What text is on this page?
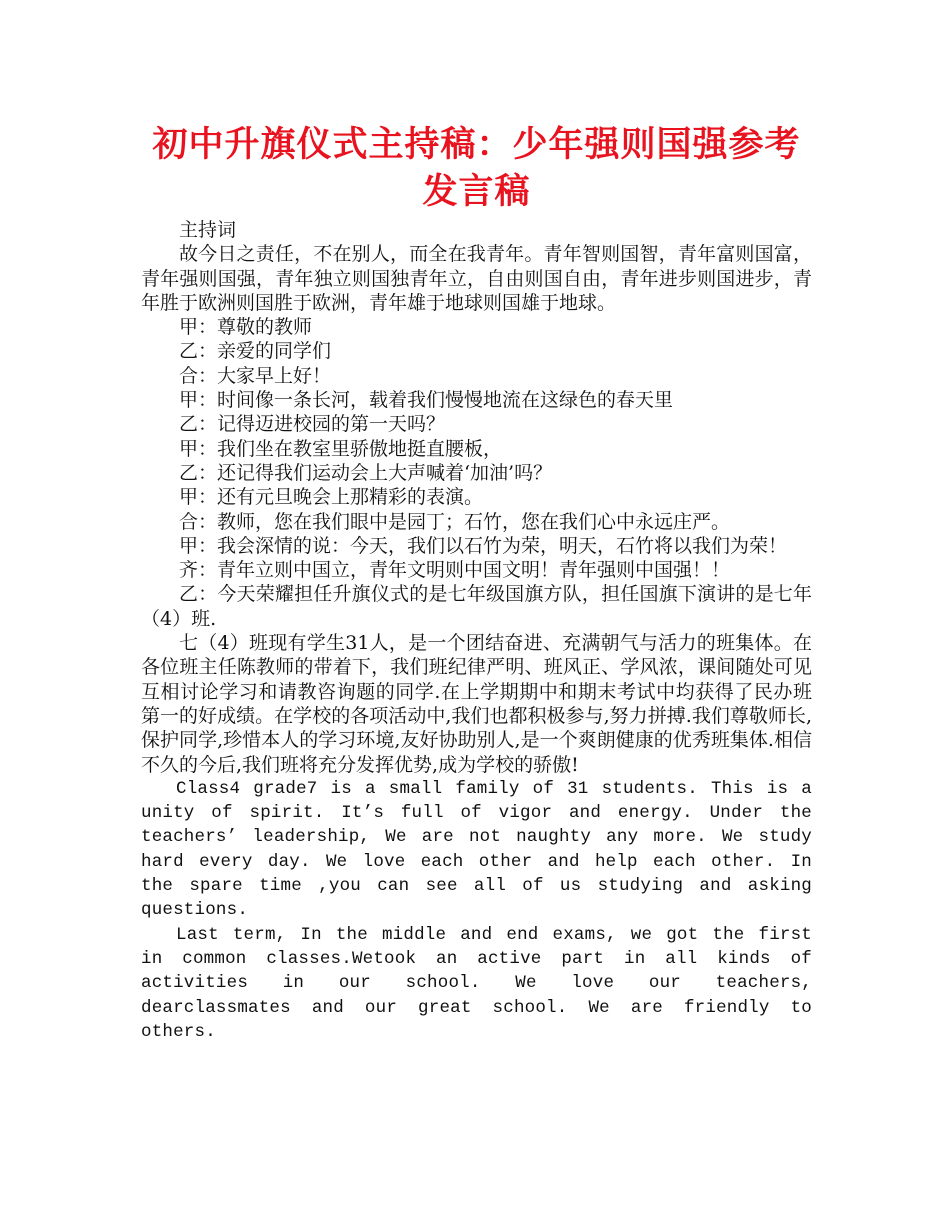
初中升旗仪式主持稿：少年强则国强参考发言稿

主持词

故今日之责任，不在别人，而全在我青年。青年智则国智，青年富则国富，青年强则国强，青年独立则国独青年立，自由则国自由，青年进步则国进步，青年胜于欧洲则国胜于欧洲，青年雄于地球则国雄于地球。

甲：尊敬的教师

乙：亲爱的同学们

合：大家早上好！

甲：时间像一条长河，载着我们慢慢地流在这绿色的春天里

乙：记得迈进校园的第一天吗？

甲：我们坐在教室里骄傲地挺直腰板，

乙：还记得我们运动会上大声喊着‘加油’吗？

甲：还有元旦晚会上那精彩的表演。

合：教师，您在我们眼中是园丁；石竹，您在我们心中永远庄严。

甲：我会深情的说：今天，我们以石竹为荣，明天，石竹将以我们为荣！

齐：青年立则中国立，青年文明则中国文明！青年强则中国强！！

乙：今天荣耀担任升旗仪式的是七年级国旗方队，担任国旗下演讲的是七年（4）班.

七（4）班现有学生31人，是一个团结奋进、充满朝气与活力的班集体。在各位班主任陈教师的带着下，我们班纪律严明、班风正、学风浓，课间随处可见互相讨论学习和请教咨询题的同学.在上学期期中和期末考试中均获得了民办班第一的好成绩。在学校的各项活动中,我们也都积极参与,努力拼搏.我们尊敬师长,保护同学,珍惜本人的学习环境,友好协助别人,是一个爽朗健康的优秀班集体.相信不久的今后,我们班将充分发挥优势,成为学校的骄傲!

Class4 grade7 is a small family of 31 students. This is a unity of spirit. It’s full of vigor and energy. Under the teachers’ leadership, We are not naughty any more. We study hard every day. We love each other and help each other. In the spare time ,you can see all of us studying and asking questions.

Last term, In the middle and end exams, we got the first in common classes.Wetook an active part in all kinds of activities in our school. We love our teachers, dearclassmates and our great school. We are friendly to others.
